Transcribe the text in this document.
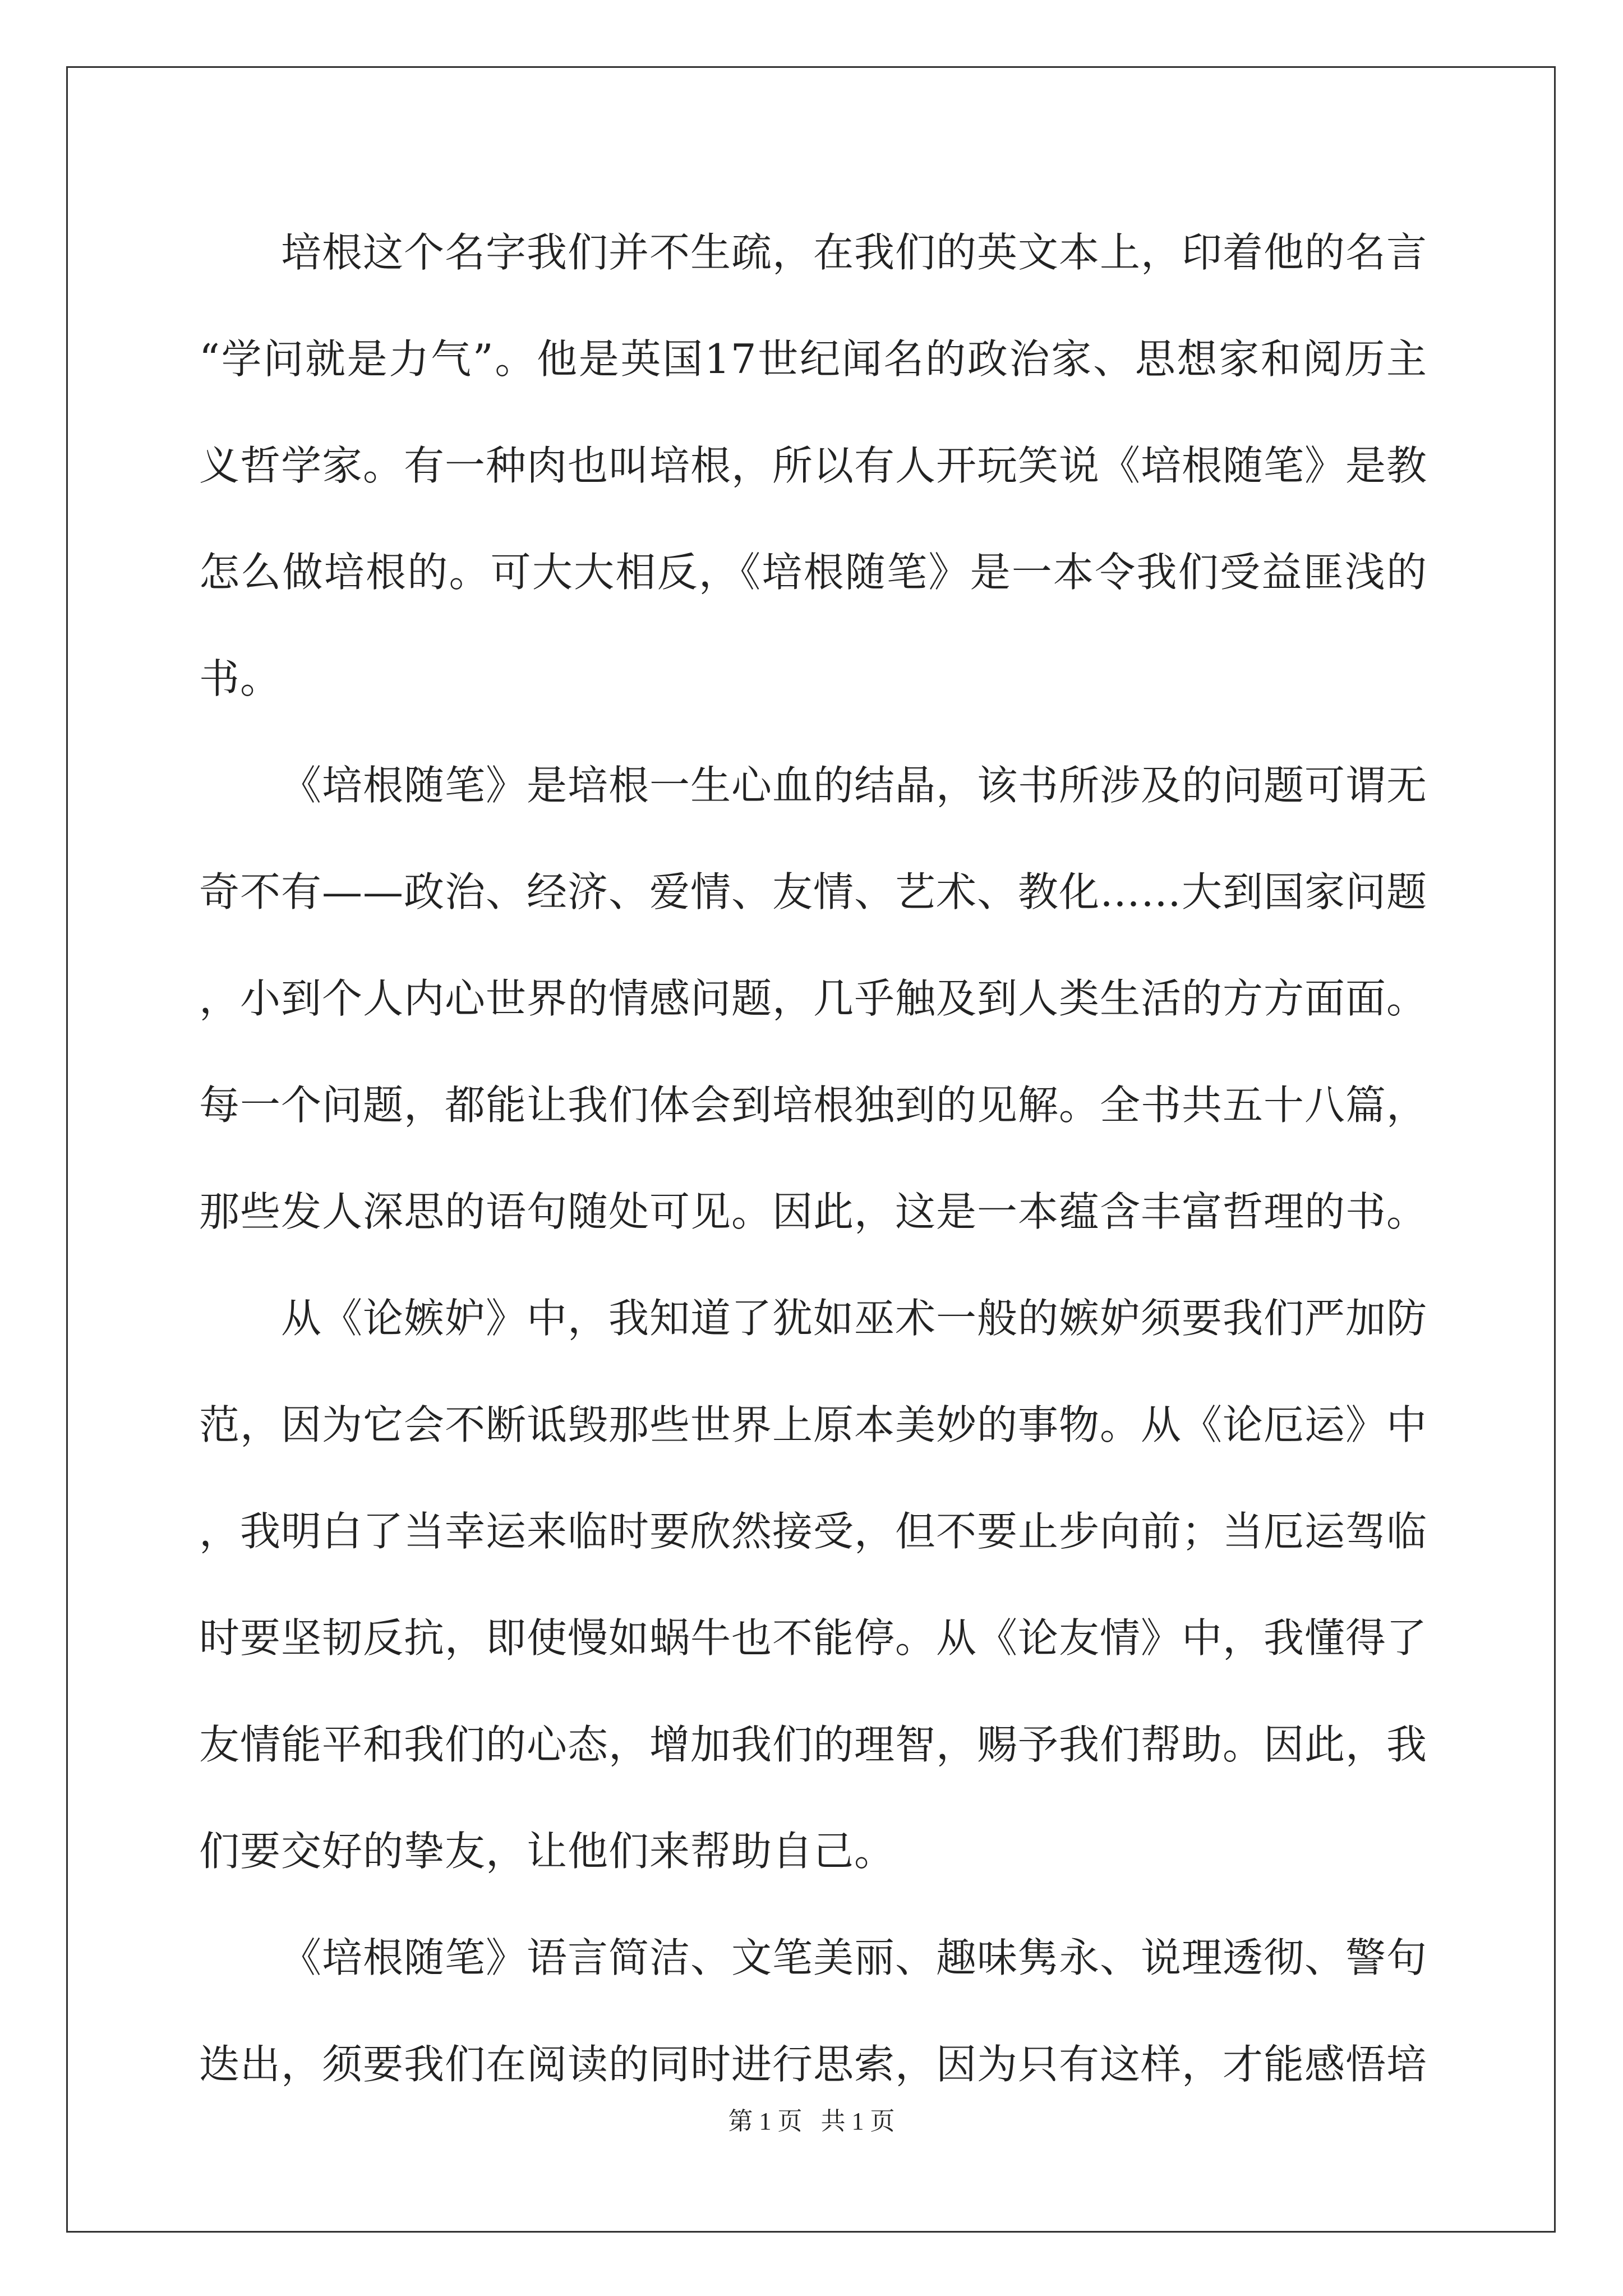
培根这个名字我们并不生疏，在我们的英文本上，印着他的名言“学问就是力气”。他是英国17世纪闻名的政治家、思想家和阅历主义哲学家。有一种肉也叫培根，所以有人开玩笑说《培根随笔》是教怎么做培根的。可大大相反，《培根随笔》是一本令我们受益匪浅的书。

《培根随笔》是培根一生心血的结晶，该书所涉及的问题可谓无奇不有——政治、经济、爱情、友情、艺术、教化……大到国家问题，小到个人内心世界的情感问题，几乎触及到人类生活的方方面面。每一个问题，都能让我们体会到培根独到的见解。全书共五十八篇，那些发人深思的语句随处可见。因此，这是一本蕴含丰富哲理的书。

从《论嫉妒》中，我知道了犹如巫术一般的嫉妒须要我们严加防范，因为它会不断诋毁那些世界上原本美妙的事物。从《论厄运》中，我明白了当幸运来临时要欣然接受，但不要止步向前；当厄运驾临 时要坚韧反抗，即使慢如蜗牛也不能停。从《论友情》中，我懂得了友情能平和我们的心态，增加我们的理智，赐予我们帮助。因此，我们要交好的挚友，让他们来帮助自己。

《培根随笔》语言简洁、文笔美丽、趣味隽永、说理透彻、警句迭出，须要我们在阅读的同时进行思索，因为只有这样，才能感悟培

第 1 页 共 1 页
